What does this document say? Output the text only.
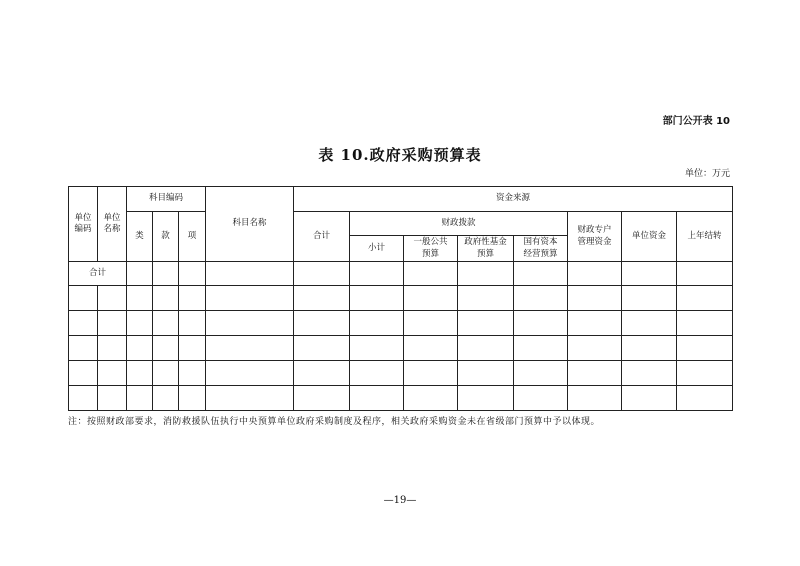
部门公开表 10
表 10.政府采购预算表
单位：万元
单位编码	单位名称	科目编码			科目名称	资金来源							
		类	款	项		合计	财政拨款				财政专户管理资金	单位资金	上年结转
							小计	一般公共预算	政府性基金预算	国有资本经营预算			
合计													

注：按照财政部要求，消防救援队伍执行中央预算单位政府采购制度及程序，相关政府采购资金未在省级部门预算中予以体现。
—19—
